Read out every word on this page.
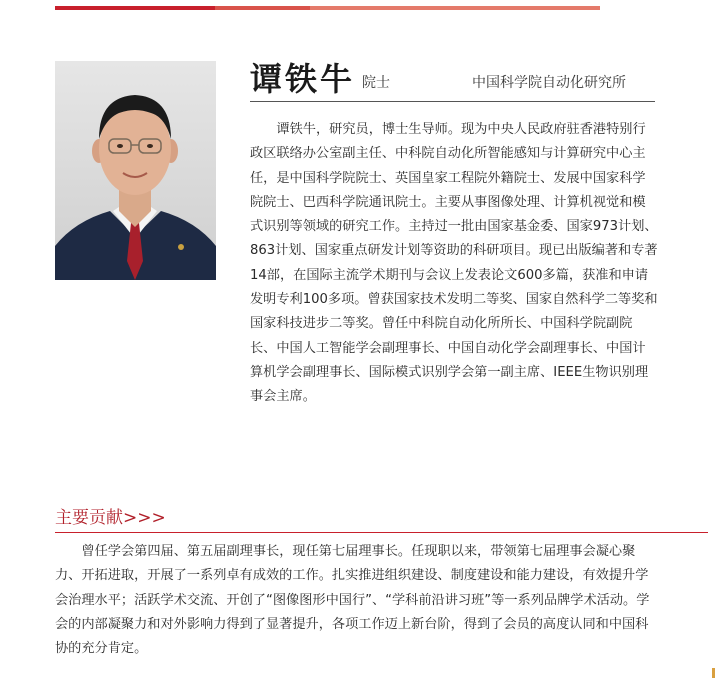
谭铁牛 院士	中国科学院自动化研究所

谭铁牛，研究员，博士生导师。现为中央人民政府驻香港特别行政区联络办公室副主任、中科院自动化所智能感知与计算研究中心主任，是中国科学院院士、英国皇家工程院外籍院士、发展中国家科学院院士、巴西科学院通讯院士。主要从事图像处理、计算机视觉和模式识别等领域的研究工作。主持过一批由国家基金委、国家973计划、863计划、国家重点研发计划等资助的科研项目。现已出版编著和专著14部，在国际主流学术期刊与会议上发表论文600多篇，获准和申请发明专利100多项。曾获国家技术发明二等奖、国家自然科学二等奖和国家科技进步二等奖。曾任中科院自动化所所长、中国科学院副院长、中国人工智能学会副理事长、中国自动化学会副理事长、中国计算机学会副理事长、国际模式识别学会第一副主席、IEEE生物识别理事会主席。

主要贡献>>>

曾任学会第四届、第五届副理事长，现任第七届理事长。任现职以来，带领第七届理事会凝心聚力、开拓进取，开展了一系列卓有成效的工作。扎实推进组织建设、制度建设和能力建设，有效提升学会治理水平；活跃学术交流、开创了“图像图形中国行”、“学科前沿讲习班”等一系列品牌学术活动。学会的内部凝聚力和对外影响力得到了显著提升，各项工作迈上新台阶，得到了会员的高度认同和中国科协的充分肯定。
